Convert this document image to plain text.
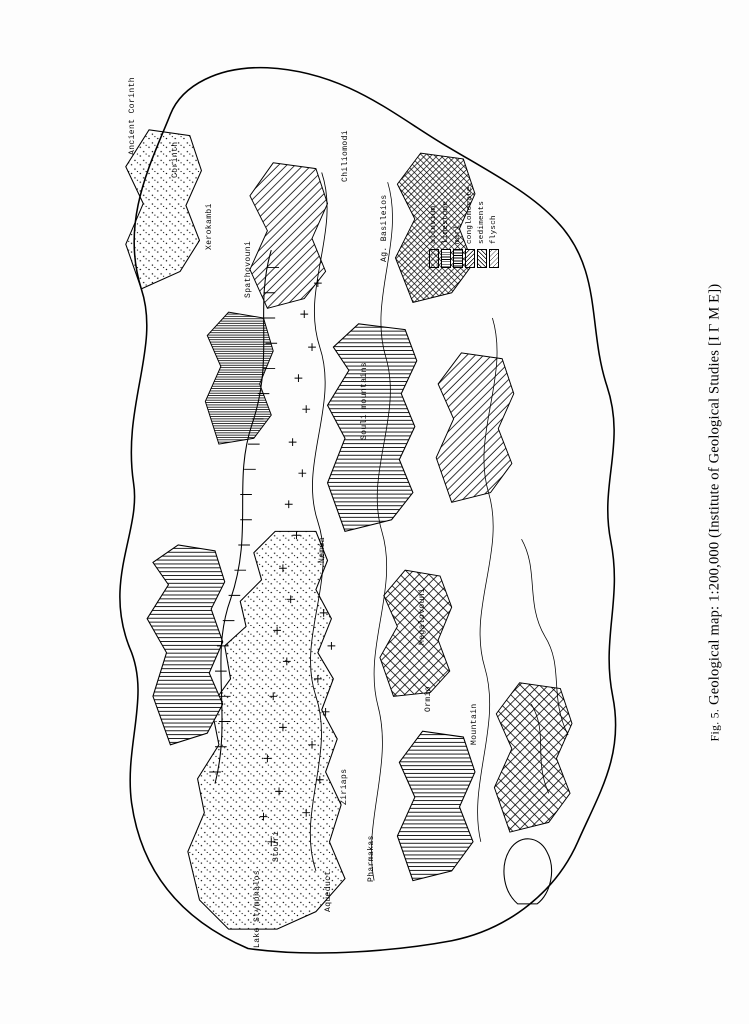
Ancient Corinth
Corinth	Chiliomodi
Xerokambi	Ag. Basileios
Spathovouni
Souli mountains
Nemea
Megalovouni
Ormio
Mountain
Ziriaps
Stouri	Pharmakas
Lake Stymphalos	Aqueduct
alluvium limestone marl conglomerate sediments flysch
Fig. 5. Geological map: 1:200,000 (Institute of Geological Studies [I Γ M E])
